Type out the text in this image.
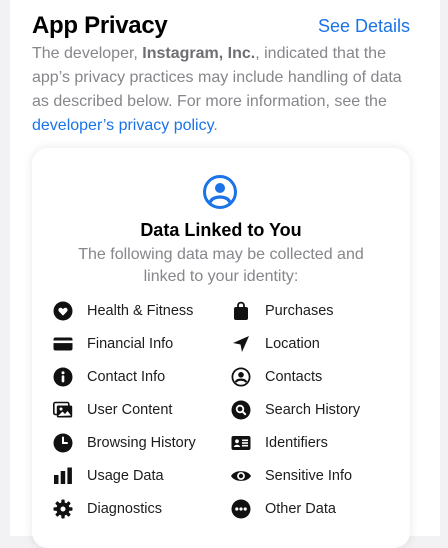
App Privacy	See Details
The developer, Instagram, Inc., indicated that the app’s privacy practices may include handling of data as described below. For more information, see the developer’s privacy policy.
Data Linked to You
The following data may be collected and linked to your identity:
Health & Fitness	Purchases
Financial Info	Location
Contact Info	Contacts
User Content	Search History
Browsing History	Identifiers
Usage Data	Sensitive Info
Diagnostics	Other Data
